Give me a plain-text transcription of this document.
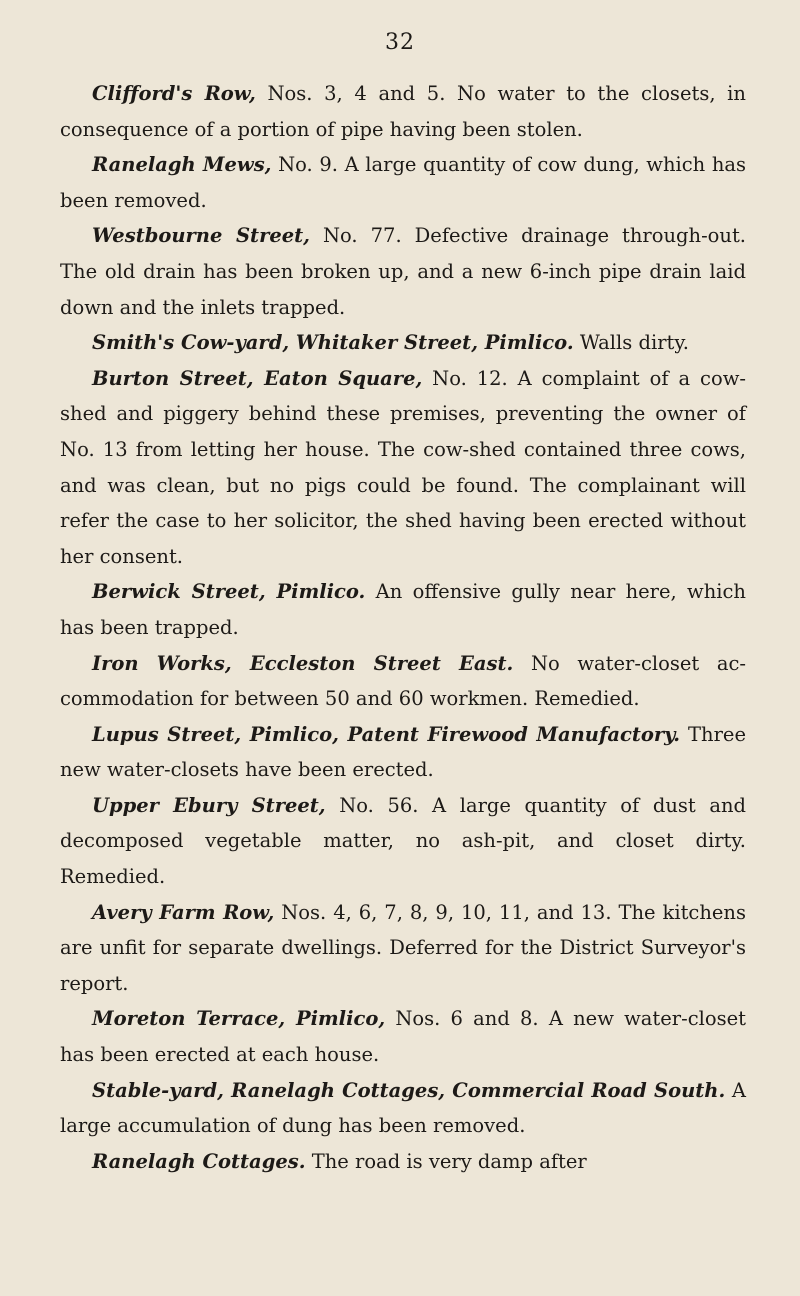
32

Clifford's Row, Nos. 3, 4 and 5. No water to the closets, in consequence of a portion of pipe having been stolen.

Ranelagh Mews, No. 9. A large quantity of cow dung, which has been removed.

Westbourne Street, No. 77. Defective drainage through-out. The old drain has been broken up, and a new 6-inch pipe drain laid down and the inlets trapped.

Smith's Cow-yard, Whitaker Street, Pimlico. Walls dirty.

Burton Street, Eaton Square, No. 12. A complaint of a cow-shed and piggery behind these premises, preventing the owner of No. 13 from letting her house. The cow-shed contained three cows, and was clean, but no pigs could be found. The complainant will refer the case to her solicitor, the shed having been erected without her consent.

Berwick Street, Pimlico. An offensive gully near here, which has been trapped.

Iron Works, Eccleston Street East. No water-closet ac-commodation for between 50 and 60 workmen. Remedied.

Lupus Street, Pimlico, Patent Firewood Manufactory. Three new water-closets have been erected.

Upper Ebury Street, No. 56. A large quantity of dust and decomposed vegetable matter, no ash-pit, and closet dirty. Remedied.

Avery Farm Row, Nos. 4, 6, 7, 8, 9, 10, 11, and 13. The kitchens are unfit for separate dwellings. Deferred for the District Surveyor's report.

Moreton Terrace, Pimlico, Nos. 6 and 8. A new water-closet has been erected at each house.

Stable-yard, Ranelagh Cottages, Commercial Road South. A large accumulation of dung has been removed.

Ranelagh Cottages. The road is very damp after
